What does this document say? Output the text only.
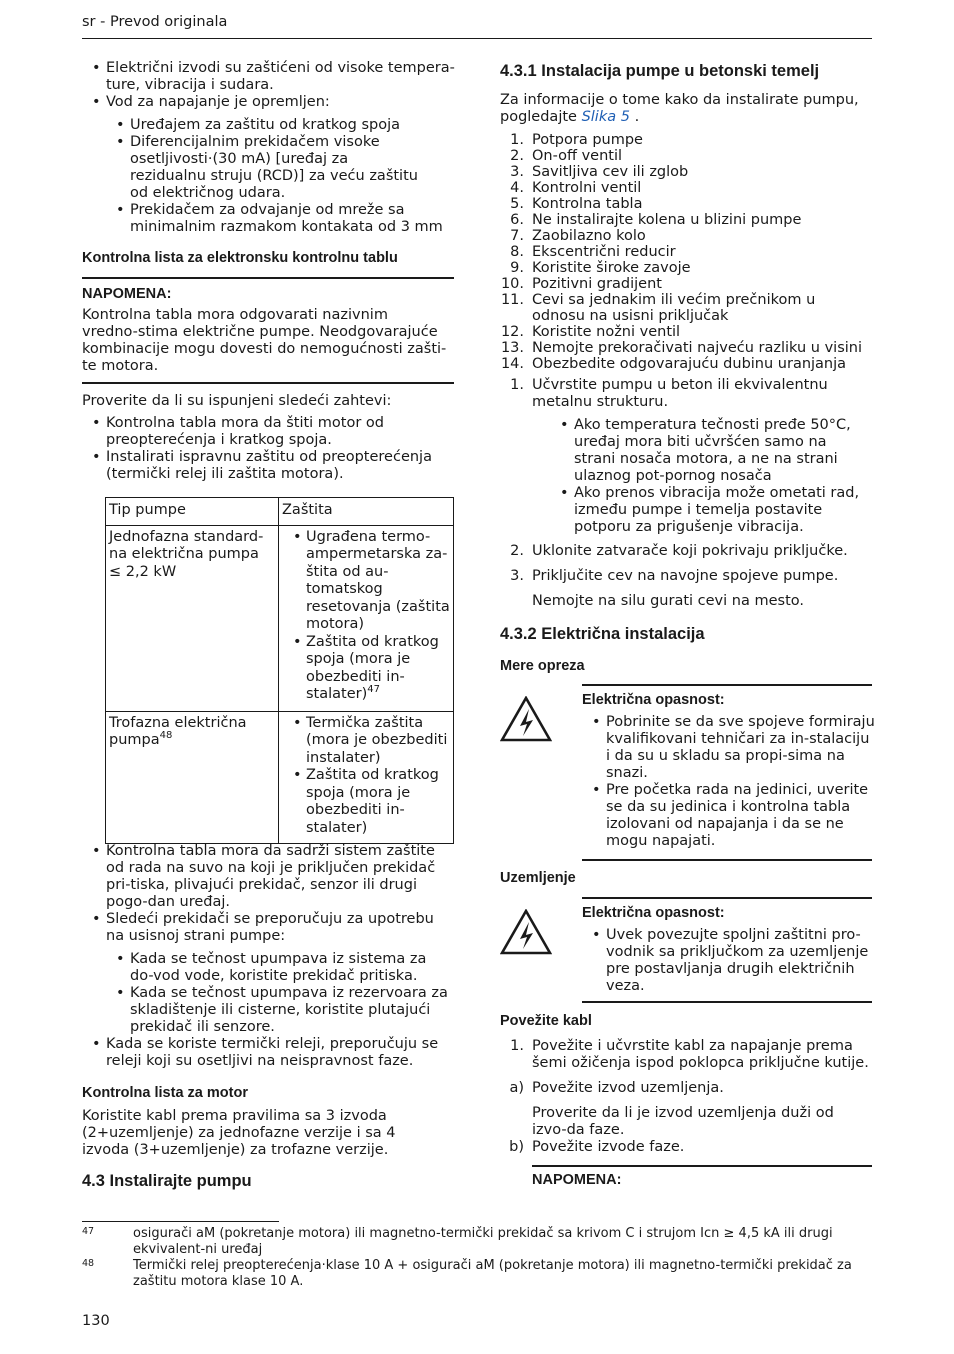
sr - Prevod originala

• Električni izvodi su zaštićeni od visoke tempera-ture, vibracija i sudara.

• Vod za napajanje je opremljen:

• Uređajem za zaštitu od kratkog spoja

• Diferencijalnim prekidačem visoke osetljivosti·(30 mA) [uređaj za rezidualnu struju (RCD)] za veću zaštitu od električnog udara.

• Prekidačem za odvajanje od mreže sa minimalnim razmakom kontakata od 3 mm

Kontrolna lista za elektronsku kontrolnu tablu
NAPOMENA:

Kontrolna tabla mora odgovarati nazivnim vredno-stima električne pumpe. Neodgovarajuće kombinacije mogu dovesti do nemogućnosti zašti-te motora.

Proverite da li su ispunjeni sledeći zahtevi:

• Kontrolna tabla mora da štiti motor od preopterećenja i kratkog spoja.

• Instalirati ispravnu zaštitu od preopterećenja (termički relej ili zaštita motora).

Tip pumpe	Zaštita
Jednofazna standard-na električna pumpa ≤ 2,2 kW	• Ugrađena termo-ampermetarska za-štita od au-tomatskog resetovanja (zaštita motora)
• Zaštita od kratkog spoja (mora je obezbediti in-stalater)$^{47}$

Trofazna električna pumpa$^{48}$	• Termička zaštita (mora je obezbediti instalater)
• Zaštita od kratkog spoja (mora je obezbediti in-stalater)

• Kontrolna tabla mora da sadrži sistem zaštite od rada na suvo na koji je priključen prekidač pri-tiska, plivajući prekidač, senzor ili drugi pogo-dan uređaj.

• Sledeći prekidači se preporučuju za upotrebu na usisnoj strani pumpe:

• Kada se tečnost upumpava iz sistema za do-vod vode, koristite prekidač pritiska.

• Kada se tečnost upumpava iz rezervoara za skladištenje ili cisterne, koristite plutajući prekidač ili senzore.

• Kada se koriste termički releji, preporučuju se releji koji su osetljivi na neispravnost faze.

Kontrolna lista za motor

Koristite kabl prema pravilima sa 3 izvoda (2+uzemljenje) za jednofazne verzije i sa 4 izvoda (3+uzemljenje) za trofazne verzije.

4.3 Instalirajte pumpu
4.3.1 Instalacija pumpe u betonski temelj

Za informacije o tome kako da instalirate pumpu, pogledajte Slika 5 .

1. Potpora pumpe
2. On-off ventil
3. Savitljiva cev ili zglob
4. Kontrolni ventil
5. Kontrolna tabla
6. Ne instalirajte kolena u blizini pumpe
7. Zaobilazno kolo
8. Ekscentrični reducir
9. Koristite široke zavoje
10. Pozitivni gradijent
11. Cevi sa jednakim ili većim prečnikom u odnosu na usisni priključak
12. Koristite nožni ventil
13. Nemojte prekoračivati najveću razliku u visini
14. Obezbedite odgovarajuću dubinu uranjanja
1. Učvrstite pumpu u beton ili ekvivalentnu metalnu strukturu.

• Ako temperatura tečnosti pređe 50°C, uređaj mora biti učvršćen samo na strani nosača motora, a ne na strani ulaznog pot-pornog nosača

• Ako prenos vibracija može ometati rad, između pumpe i temelja postavite potporu za prigušenje vibracija.

2. Uklonite zatvarače koji pokrivaju priključke.
3. Priključite cev na navojne spojeve pumpe.

Nemojte na silu gurati cevi na mesto.

4.3.2 Električna instalacija
Mere opreza
Električna opasnost:

• Pobrinite se da sve spojeve formiraju kvalifikovani tehničari za in-stalaciju i da su u skladu sa propi-sima na snazi.

• Pre početka rada na jedinici, uverite se da su jedinica i kontrolna tabla izolovani od napajanja i da se ne mogu napajati.

Uzemljenje
Električna opasnost:

• Uvek povezujte spoljni zaštitni pro-vodnik sa priključkom za uzemljenje pre postavljanja drugih električnih veza.

Povežite kabl
1. Povežite i učvrstite kabl za napajanje prema šemi ožičenja ispod poklopca priključne kutije.
a) Povežite izvod uzemljenja.

Proverite da li je izvod uzemljenja duži od izvo-da faze.

b) Povežite izvode faze.
NAPOMENA:
47	osigurači aM (pokretanje motora) ili magnetno-termički prekidač sa krivom C i strujom Icn ≥ 4,5 kA ili drugi ekvivalent-ni uređaj
48	Termički relej preopterećenja·klase 10 A + osigurači aM (pokretanje motora) ili magnetno-termički prekidač za zaštitu motora klase 10 A.
130
